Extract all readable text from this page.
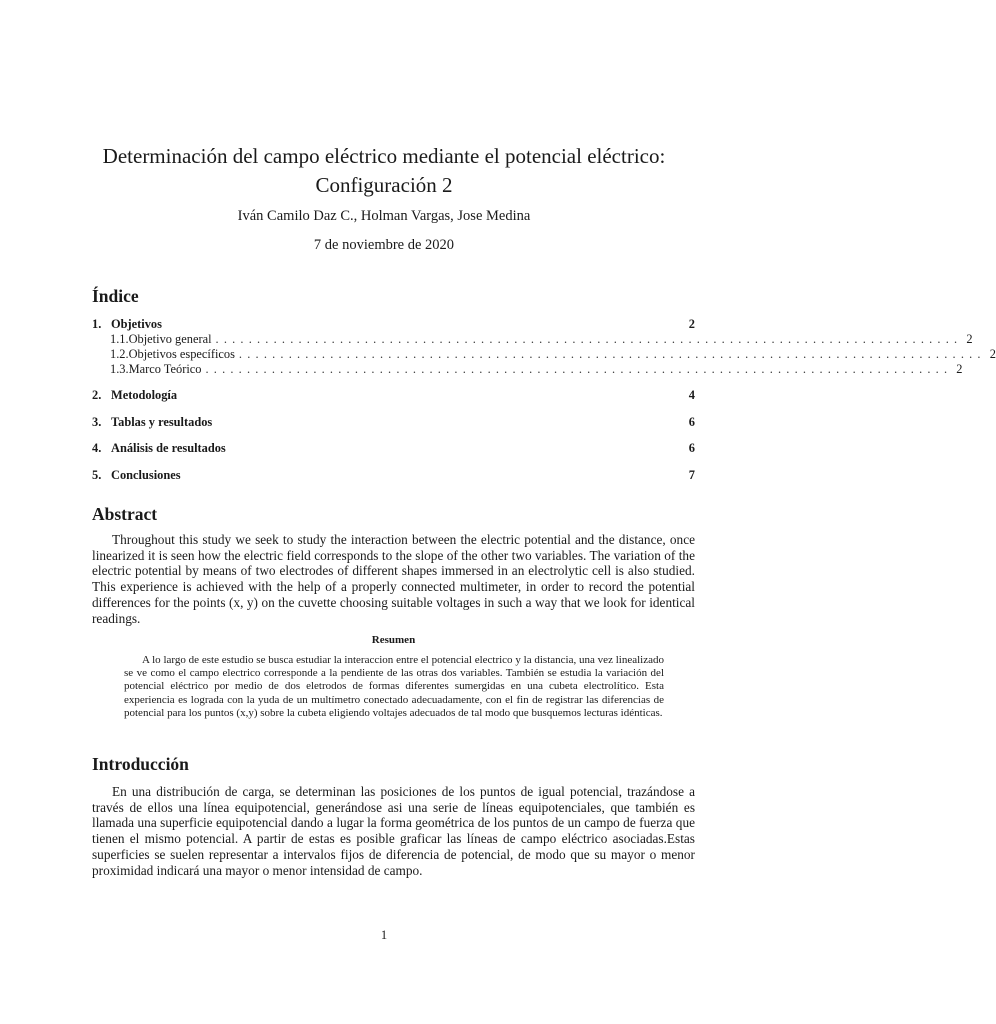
Determinación del campo eléctrico mediante el potencial eléctrico: Configuración 2
Iván Camilo Daz C., Holman Vargas, Jose Medina
7 de noviembre de 2020
Índice
1. Objetivos	2
1.1. Objetivo general .......................................................................................... 2
1.2. Objetivos específicos .......................................................................................... 2
1.3. Marco Teórico .......................................................................................... 2
2. Metodología	4
3. Tablas y resultados	6
4. Análisis de resultados	6
5. Conclusiones	7
Abstract

Throughout this study we seek to study the interaction between the electric potential and the distance, once linearized it is seen how the electric field corresponds to the slope of the other two variables. The variation of the electric potential by means of two electrodes of different shapes immersed in an electrolytic cell is also studied. This experience is achieved with the help of a properly connected multimeter, in order to record the potential differences for the points (x, y) on the cuvette choosing suitable voltages in such a way that we look for identical readings.

Resumen

A lo largo de este estudio se busca estudiar la interaccion entre el potencial electrico y la distancia, una vez linealizado se ve como el campo electrico corresponde a la pendiente de las otras dos variables. También se estudia la variación del potencial eléctrico por medio de dos eletrodos de formas diferentes sumergidas en una cubeta electrolítico. Esta experiencia es lograda con la yuda de un multímetro conectado adecuadamente, con el fin de registrar las diferencias de potencial para los puntos (x,y) sobre la cubeta eligiendo voltajes adecuados de tal modo que busquemos lecturas idénticas.

Introducción

En una distribución de carga, se determinan las posiciones de los puntos de igual potencial, trazándose a través de ellos una línea equipotencial, generándose asi una serie de líneas equipotenciales, que también es llamada una superficie equipotencial dando a lugar la forma geométrica de los puntos de un campo de fuerza que tienen el mismo potencial. A partir de estas es posible graficar las líneas de campo eléctrico asociadas.Estas superficies se suelen representar a intervalos fijos de diferencia de potencial, de modo que su mayor o menor proximidad indicará una mayor o menor intensidad de campo.

1
